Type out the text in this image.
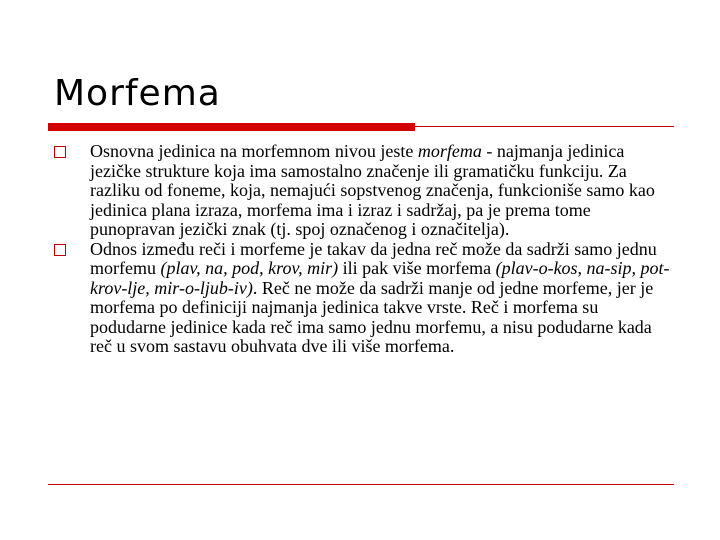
Morfema
Osnovna jedinica na morfemnom nivou jeste morfema - najmanja jedinica jezičke strukture koja ima samostalno značenje ili gramatičku funkciju. Za razliku od foneme, koja, nemajući sopstvenog značenja, funkcioniše samo kao jedinica plana izraza, morfema ima i izraz i sadržaj, pa je prema tome punopravan jezički znak (tj. spoj označenog i označitelja).
Odnos između reči i morfeme je takav da jedna reč može da sadrži samo jednu morfemu (plav, na, pod, krov, mir) ili pak više morfema (plav-o-kos, na-sip, pot-krov-lje, mir-o-ljub-iv). Reč ne može da sadrži manje od jedne morfeme, jer je morfema po definiciji najmanja jedinica takve vrste. Reč i morfema su podudarne jedinice kada reč ima samo jednu morfemu, a nisu podudarne kada reč u svom sastavu obuhvata dve ili više morfema.
